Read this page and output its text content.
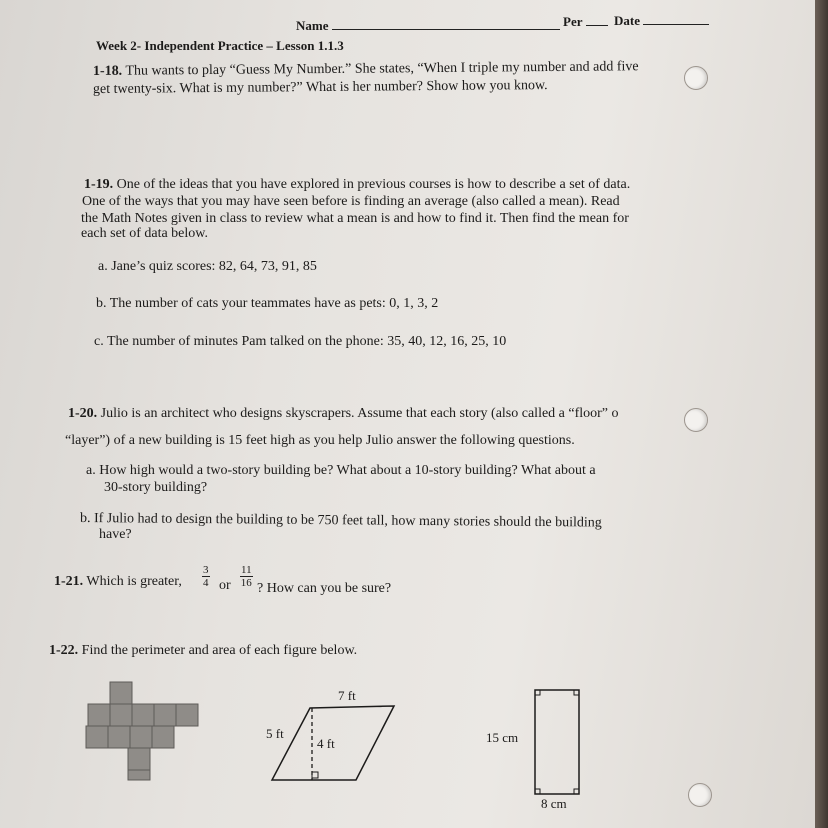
Name	Per	Date
Week 2- Independent Practice – Lesson 1.1.3
1-18. Thu wants to play “Guess My Number.” She states, “When I triple my number and add five
get twenty-six. What is my number?” What is her number? Show how you know.
1-19. One of the ideas that you have explored in previous courses is how to describe a set of data.
One of the ways that you may have seen before is finding an average (also called a mean). Read
the Math Notes given in class to review what a mean is and how to find it. Then find the mean for
each set of data below.
a. Jane’s quiz scores: 82, 64, 73, 91, 85
b. The number of cats your teammates have as pets: 0, 1, 3, 2
c. The number of minutes Pam talked on the phone: 35, 40, 12, 16, 25, 10
1-20. Julio is an architect who designs skyscrapers. Assume that each story (also called a “floor” o
“layer”) of a new building is 15 feet high as you help Julio answer the following questions.
a. How high would a two-story building be? What about a 10-story building? What about a
30-story building?
b. If Julio had to design the building to be 750 feet tall, how many stories should the building
have?
1-21. Which is greater, $\frac{3}{4}$ or $\frac{11}{16}$ ? How can you be sure?
1-22. Find the perimeter and area of each figure below.
7 ft
5 ft
4 ft	15 cm
8 cm
